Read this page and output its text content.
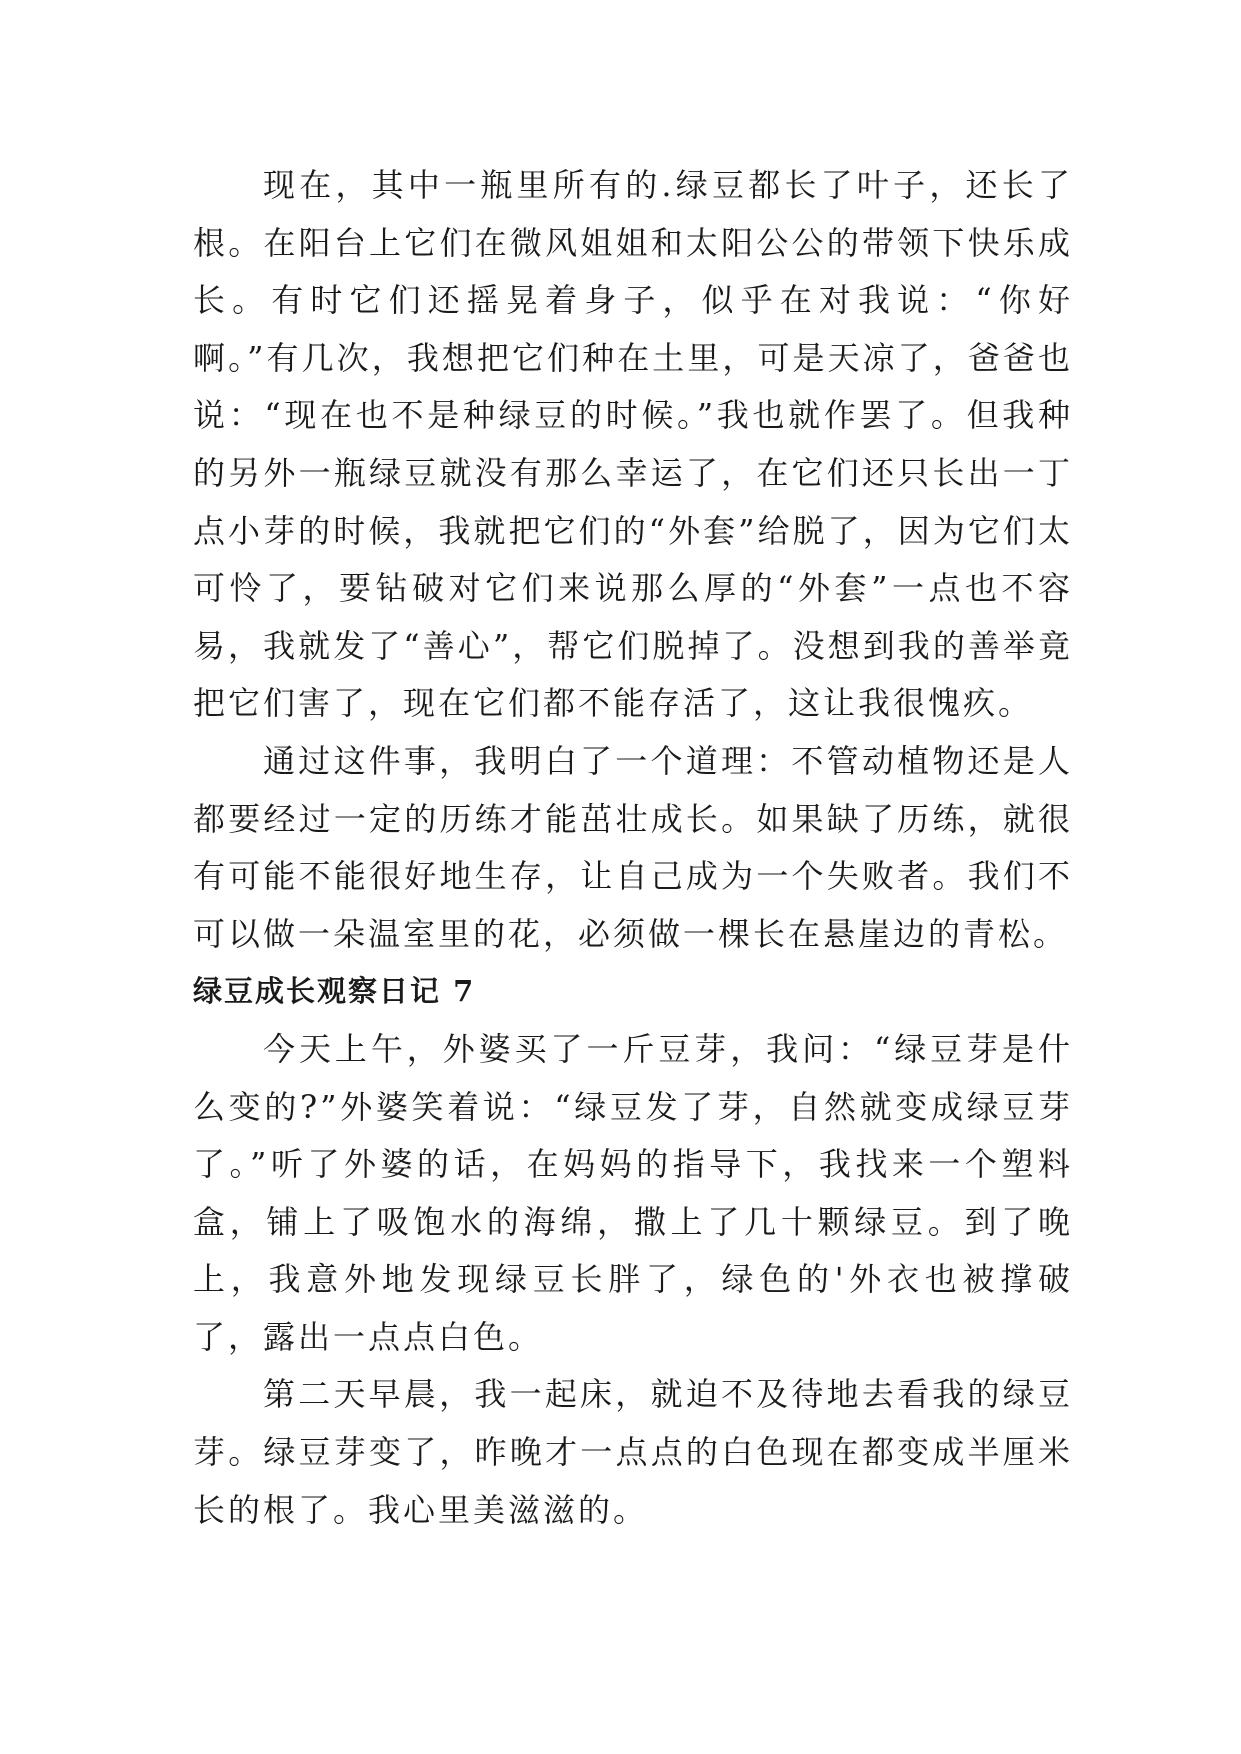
现在，其中一瓶里所有的.绿豆都长了叶子，还长了根。在阳台上它们在微风姐姐和太阳公公的带领下快乐成长。有时它们还摇晃着身子，似乎在对我说：“你好啊。”有几次，我想把它们种在土里，可是天凉了，爸爸也说：“现在也不是种绿豆的时候。”我也就作罢了。但我种的另外一瓶绿豆就没有那么幸运了，在它们还只长出一丁点小芽的时候，我就把它们的“外套”给脱了，因为它们太可怜了，要钻破对它们来说那么厚的“外套”一点也不容易，我就发了“善心”，帮它们脱掉了。没想到我的善举竟把它们害了，现在它们都不能存活了，这让我很愧疚。

通过这件事，我明白了一个道理：不管动植物还是人都要经过一定的历练才能茁壮成长。如果缺了历练，就很有可能不能很好地生存，让自己成为一个失败者。我们不可以做一朵温室里的花，必须做一棵长在悬崖边的青松。

绿豆成长观察日记 7

今天上午，外婆买了一斤豆芽，我问：“绿豆芽是什么变的?”外婆笑着说：“绿豆发了芽，自然就变成绿豆芽了。”听了外婆的话，在妈妈的指导下，我找来一个塑料盒，铺上了吸饱水的海绵，撒上了几十颗绿豆。到了晚上，我意外地发现绿豆长胖了，绿色的'外衣也被撑破了，露出一点点白色。

第二天早晨，我一起床，就迫不及待地去看我的绿豆芽。绿豆芽变了，昨晚才一点点的白色现在都变成半厘米长的根了。我心里美滋滋的。
